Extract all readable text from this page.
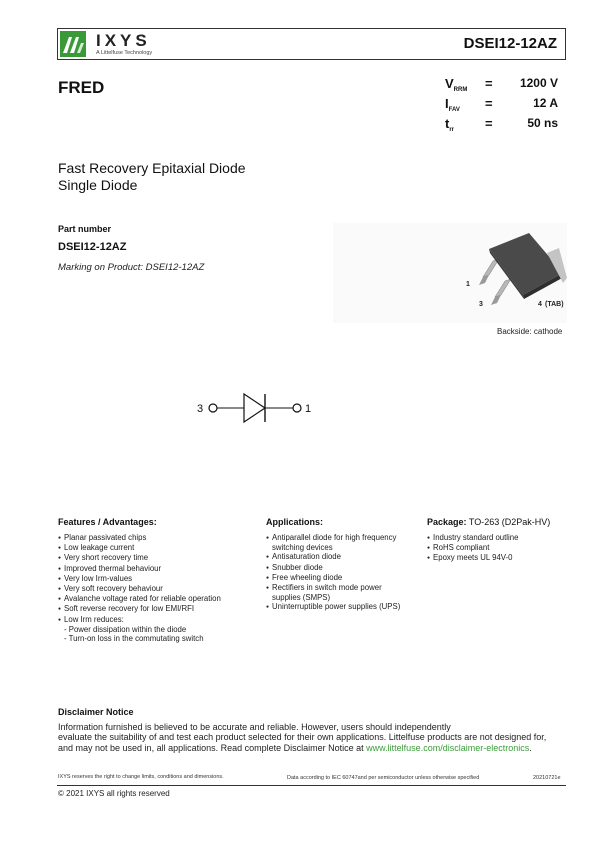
IXYS
A Littelfuse Technology
DSEI12-12AZ
FRED	$V_{RRM} = 1200$ V
$I_{FAV}$ =	12 A
$t_{rr}$ =	50 ns
Fast Recovery Epitaxial Diode
Single Diode
Part number
DSEI12-12AZ
Marking on Product: DSEI12-12AZ
1
3	4 (TAB)
Backside: cathode
3	1
Features / Advantages:
● Planar passivated chips
● Low leakage current
● Very short recovery time
● Improved thermal behaviour
● Very low Irm-values
● Very soft recovery behaviour
● Avalanche voltage rated for reliable operation
● Soft reverse recovery for low EMI/RFI
● Low Irm reduces:
- Power dissipation within the diode
- Turn-on loss in the commutating switch
Applications:
● Antiparallel diode for high frequency
switching devices
● Antisaturation diode
● Snubber diode
● Free wheeling diode
● Rectifiers in switch mode power
supplies (SMPS)
● Uninterruptible power supplies (UPS)
Package: TO-263 (D2Pak-HV)
● Industry standard outline
● RoHS compliant
● Epoxy meets UL 94V-0
Disclaimer Notice
Information furnished is believed to be accurate and reliable. However, users should independently
evaluate the suitability of and test each product selected for their own applications. Littelfuse products are not designed for,
and may not be used in, all applications. Read complete Disclaimer Notice at www.littelfuse.com/disclaimer-electronics.
IXYS reserves the right to change limits, conditions and dimensions.	Data according to IEC 60747and per semiconductor unless otherwise specified	20210721e
© 2021 IXYS all rights reserved
